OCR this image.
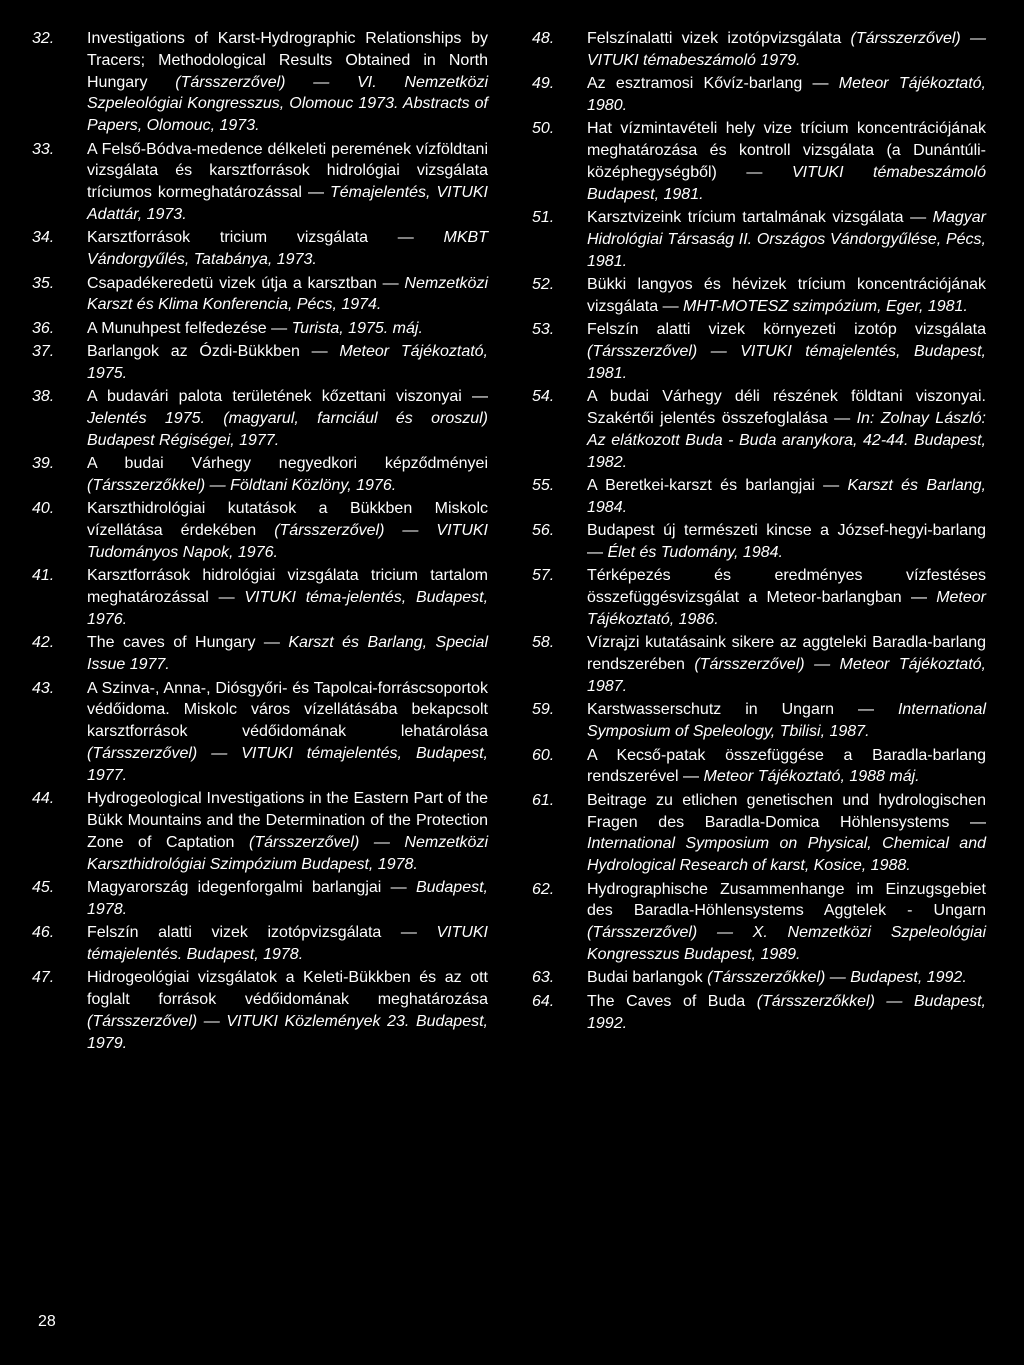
32.	Investigations of Karst-Hydrographic Relationships by Tracers; Methodological Results Obtained in North Hungary (Társszerzővel) — VI. Nemzetközi Szpeleológiai Kongresszus, Olomouc 1973. Abstracts of Papers, Olomouc, 1973.
33.	A Felső-Bódva-medence délkeleti peremének vízföldtani vizsgálata és karsztforrások hidrológiai vizsgálata tríciumos kormeghatározással — Témajelentés, VITUKI Adattár, 1973.
34.	Karsztforrások tricium vizsgálata — MKBT Vándorgyűlés, Tatabánya, 1973.
35.	Csapadékeredetü vizek útja a karsztban — Nemzetközi Karszt és Klima Konferencia, Pécs, 1974.
36.	A Munuhpest felfedezése — Turista, 1975. máj.
37.	Barlangok az Ózdi-Bükkben — Meteor Tájékoztató, 1975.
38.	A budavári palota területének kőzettani viszonyai — Jelentés 1975. (magyarul, farnciául és oroszul) Budapest Régiségei, 1977.
39.	A budai Várhegy negyedkori képződményei (Társszerzőkkel) — Földtani Közlöny, 1976.
40.	Karszthidrológiai kutatások a Bükkben Miskolc vízellátása érdekében (Társszerzővel) — VITUKI Tudományos Napok, 1976.
41.	Karsztforrások hidrológiai vizsgálata tricium tartalom meghatározással — VITUKI téma-jelentés, Budapest, 1976.
42.	The caves of Hungary — Karszt és Barlang, Special Issue 1977.
43.	A Szinva-, Anna-, Diósgyőri- és Tapolcai-forráscsoportok védőidoma. Miskolc város vízellátásába bekapcsolt karsztforrások védőidomának lehatárolása (Társszerzővel) — VITUKI témajelentés, Budapest, 1977.
44.	Hydrogeological Investigations in the Eastern Part of the Bükk Mountains and the Determination of the Protection Zone of Captation (Társszerzővel) — Nemzetközi Karszthidrológiai Szimpózium Budapest, 1978.
45.	Magyarország idegenforgalmi barlangjai — Budapest, 1978.
46.	Felszín alatti vizek izotópvizsgálata — VITUKI témajelentés. Budapest, 1978.
47.	Hidrogeológiai vizsgálatok a Keleti-Bükkben és az ott foglalt források védőidomának meghatározása (Társszerzővel) — VITUKI Közlemények 23. Budapest, 1979.
48.	Felszínalatti vizek izotópvizsgálata (Társszerzővel) — VITUKI témabeszámoló 1979.
49.	Az esztramosi Kővíz-barlang — Meteor Tájékoztató, 1980.
50.	Hat vízmintavételi hely vize trícium koncentrációjának meghatározása és kontroll vizsgálata (a Dunántúli-középhegységből) — VITUKI témabeszámoló Budapest, 1981.
51.	Karsztvizeink trícium tartalmának vizsgálata — Magyar Hidrológiai Társaság II. Országos Vándorgyűlése, Pécs, 1981.
52.	Bükki langyos és hévizek trícium koncentrációjának vizsgálata — MHT-MOTESZ szimpózium, Eger, 1981.
53.	Felszín alatti vizek környezeti izotóp vizsgálata (Társszerzővel) — VITUKI témajelentés, Budapest, 1981.
54.	A budai Várhegy déli részének földtani viszonyai. Szakértői jelentés összefoglalása — In: Zolnay László: Az elátkozott Buda - Buda aranykora, 42-44. Budapest, 1982.
55.	A Beretkei-karszt és barlangjai — Karszt és Barlang, 1984.
56.	Budapest új természeti kincse a József-hegyi-barlang — Élet és Tudomány, 1984.
57.	Térképezés és eredményes vízfestéses összefüggésvizsgálat a Meteor-barlangban — Meteor Tájékoztató, 1986.
58.	Vízrajzi kutatásaink sikere az aggteleki Baradla-barlang rendszerében (Társszerzővel) — Meteor Tájékoztató, 1987.
59.	Karstwasserschutz in Ungarn — International Symposium of Speleology, Tbilisi, 1987.
60.	A Kecső-patak összefüggése a Baradla-barlang rendszerével — Meteor Tájékoztató, 1988 máj.
61.	Beitrage zu etlichen genetischen und hydrologischen Fragen des Baradla-Domica Höhlensystems — International Symposium on Physical, Chemical and Hydrological Research of karst, Kosice, 1988.
62.	Hydrographische Zusammenhange im Einzugsgebiet des Baradla-Höhlensystems Aggtelek - Ungarn (Társszerzővel) — X. Nemzetközi Szpeleológiai Kongresszus Budapest, 1989.
63.	Budai barlangok (Társszerzőkkel) — Budapest, 1992.
64.	The Caves of Buda (Társszerzőkkel) — Budapest, 1992.
28
